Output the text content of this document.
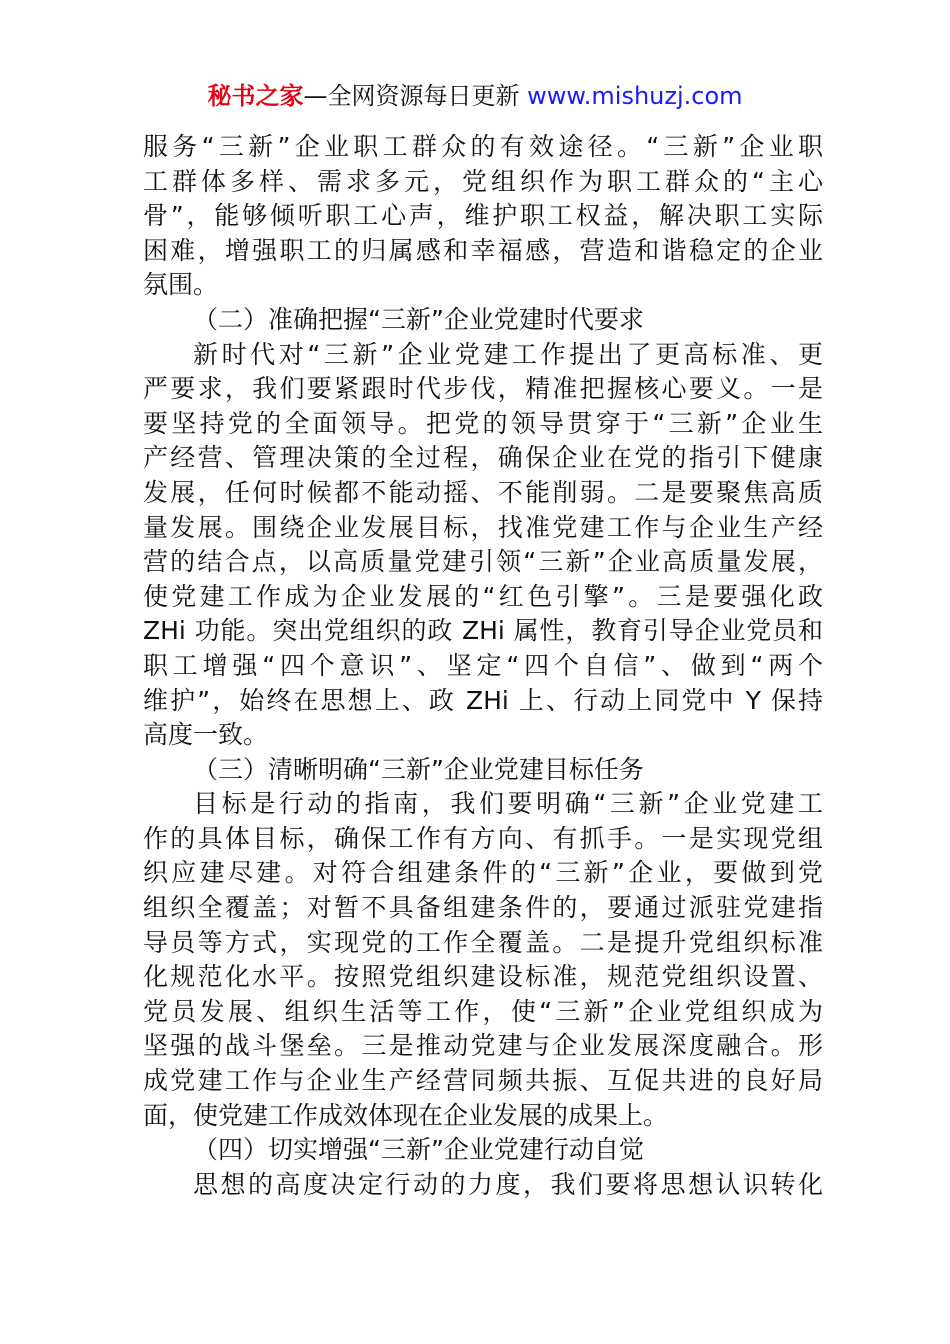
秘书之家—全网资源每日更新 www.mishuzj.com
服务“三新”企业职工群众的有效途径。“三新”企业职
工群体多样、需求多元，党组织作为职工群众的“主心
骨”，能够倾听职工心声，维护职工权益，解决职工实际
困难，增强职工的归属感和幸福感，营造和谐稳定的企业
氛围。
（二）准确把握“三新”企业党建时代要求
新时代对“三新”企业党建工作提出了更高标准、更
严要求，我们要紧跟时代步伐，精准把握核心要义。一是
要坚持党的全面领导。把党的领导贯穿于“三新”企业生
产经营、管理决策的全过程，确保企业在党的指引下健康
发展，任何时候都不能动摇、不能削弱。二是要聚焦高质
量发展。围绕企业发展目标，找准党建工作与企业生产经
营的结合点，以高质量党建引领“三新”企业高质量发展，
使党建工作成为企业发展的“红色引擎”。三是要强化政
ZHi 功能。突出党组织的政 ZHi 属性，教育引导企业党员和
职工增强“四个意识”、坚定“四个自信”、做到“两个
维护”，始终在思想上、政 ZHi 上、行动上同党中 Y 保持
高度一致。
（三）清晰明确“三新”企业党建目标任务
目标是行动的指南，我们要明确“三新”企业党建工
作的具体目标，确保工作有方向、有抓手。一是实现党组
织应建尽建。对符合组建条件的“三新”企业，要做到党
组织全覆盖；对暂不具备组建条件的，要通过派驻党建指
导员等方式，实现党的工作全覆盖。二是提升党组织标准
化规范化水平。按照党组织建设标准，规范党组织设置、
党员发展、组织生活等工作，使“三新”企业党组织成为
坚强的战斗堡垒。三是推动党建与企业发展深度融合。形
成党建工作与企业生产经营同频共振、互促共进的良好局
面，使党建工作成效体现在企业发展的成果上。
（四）切实增强“三新”企业党建行动自觉
思想的高度决定行动的力度，我们要将思想认识转化
